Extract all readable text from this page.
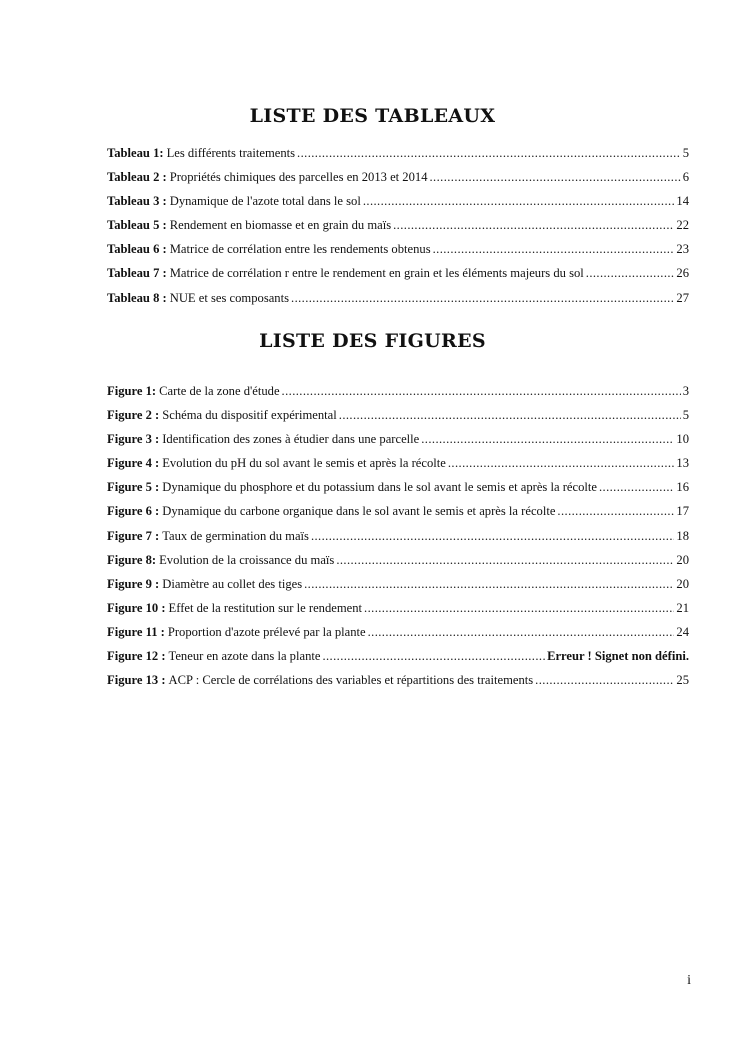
LISTE DES TABLEAUX
Tableau 1: Les différents traitements .....	5
Tableau 2 : Propriétés chimiques des parcelles en 2013 et 2014 .....	6
Tableau 3 : Dynamique de l'azote total dans le sol .....	14
Tableau 5 : Rendement en biomasse et en grain du maïs .....	22
Tableau 6 : Matrice de corrélation entre les rendements obtenus .....	23
Tableau 7 : Matrice de corrélation r entre le rendement en grain et les éléments majeurs du sol .....	26
Tableau 8 : NUE et ses composants .....	27
LISTE DES FIGURES
Figure 1: Carte de la zone d'étude .....	3
Figure 2 : Schéma du dispositif expérimental .....	5
Figure 3 : Identification des zones à étudier dans une parcelle .....	10
Figure 4 : Evolution du pH du sol avant le semis et après la récolte .....	13
Figure 5 : Dynamique du phosphore et du potassium dans le sol avant le semis et après la récolte .....	16
Figure 6 : Dynamique du carbone organique dans le sol avant le semis et après la récolte .....	17
Figure 7 : Taux de germination du maïs .....	18
Figure 8: Evolution de la croissance du maïs .....	20
Figure 9 : Diamètre au collet des tiges .....	20
Figure 10 : Effet de la restitution sur le rendement .....	21
Figure 11 : Proportion d'azote prélevé par la plante .....	24
Figure 12 : Teneur en azote dans la plante .....	Erreur ! Signet non défini.
Figure 13 : ACP : Cercle de corrélations des variables et répartitions des traitements .....	25
i
